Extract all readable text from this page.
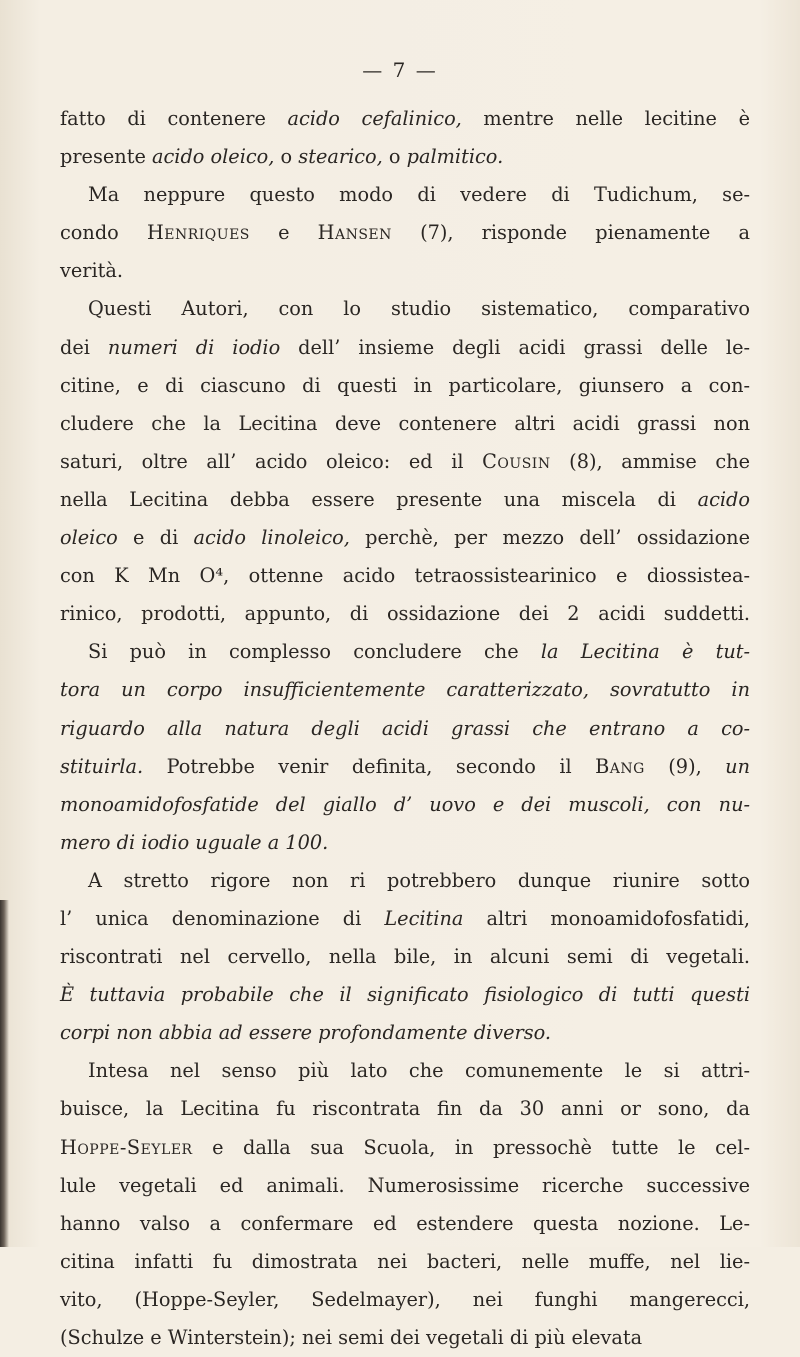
— 7 —
fatto di contenere acido cefalinico, mentre nelle lecitine è
presente acido oleico, o stearico, o palmitico.
Ma neppure questo modo di vedere di Tudichum, se-
condo Henriques e Hansen (7), risponde pienamente a
verità.
Questi Autori, con lo studio sistematico, comparativo
dei numeri di iodio dell’ insieme degli acidi grassi delle le-
citine, e di ciascuno di questi in particolare, giunsero a con-
cludere che la Lecitina deve contenere altri acidi grassi non
saturi, oltre all’ acido oleico: ed il Cousin (8), ammise che
nella Lecitina debba essere presente una miscela di acido
oleico e di acido linoleico, perchè, per mezzo dell’ ossidazione
con K Mn O⁴, ottenne acido tetraossistearinico e diossistea-
rinico, prodotti, appunto, di ossidazione dei 2 acidi suddetti.
Si può in complesso concludere che la Lecitina è tut-
tora un corpo insufficientemente caratterizzato, sovratutto in
riguardo alla natura degli acidi grassi che entrano a co-
stituirla. Potrebbe venir definita, secondo il Bang (9), un
monoamidofosfatide del giallo d’ uovo e dei muscoli, con nu-
mero di iodio uguale a 100.
A stretto rigore non ri potrebbero dunque riunire sotto
l’ unica denominazione di Lecitina altri monoamidofosfatidi,
riscontrati nel cervello, nella bile, in alcuni semi di vegetali.
È tuttavia probabile che il significato fisiologico di tutti questi
corpi non abbia ad essere profondamente diverso.
Intesa nel senso più lato che comunemente le si attri-
buisce, la Lecitina fu riscontrata fin da 30 anni or sono, da
Hoppe-Seyler e dalla sua Scuola, in pressochè tutte le cel-
lule vegetali ed animali. Numerosissime ricerche successive
hanno valso a confermare ed estendere questa nozione. Le-
citina infatti fu dimostrata nei bacteri, nelle muffe, nel lie-
vito, (Hoppe-Seyler, Sedelmayer), nei funghi mangerecci,
(Schulze e Winterstein); nei semi dei vegetali di più elevata
